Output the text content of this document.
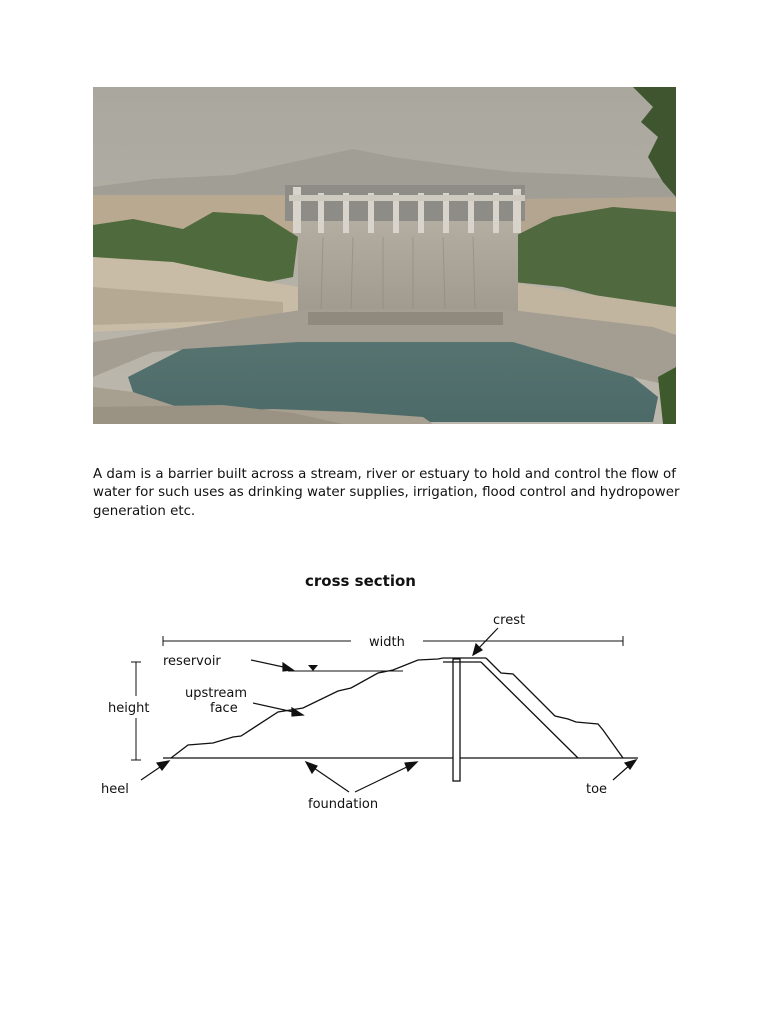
A dam is a barrier built across a stream, river or estuary to hold and control the flow of water for such uses as drinking water supplies, irrigation, flood control and hydropower generation etc.

cross section
width
height
reservoir
upstream
face
crest
heel
foundation
toe
